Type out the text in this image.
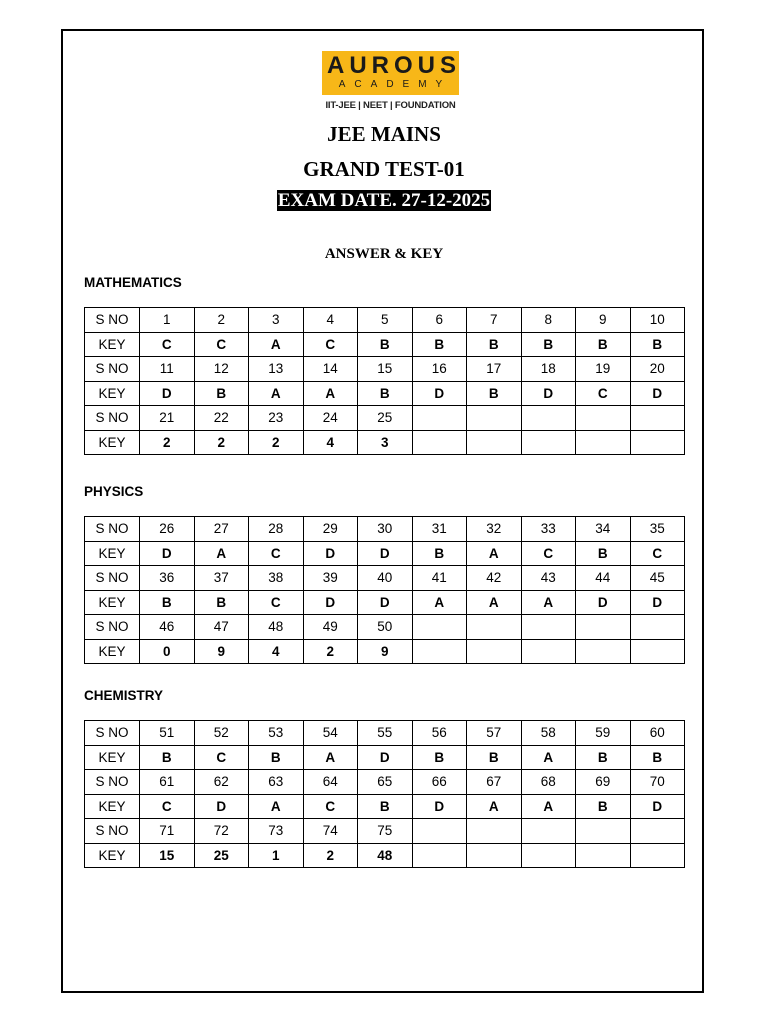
AUROUS
ACADEMY
IIT-JEE | NEET | FOUNDATION
JEE MAINS
GRAND TEST-01
EXAM DATE. 27-12-2025
ANSWER & KEY
MATHEMATICS
S NO	1	2	3	4	5	6	7	8	9	10
KEY	C	C	A	C	B	B	B	B	B	B
S NO	11	12	13	14	15	16	17	18	19	20
KEY	D	B	A	A	B	D	B	D	C	D
S NO	21	22	23	24	25					
KEY	2	2	2	4	3					
PHYSICS
S NO	26	27	28	29	30	31	32	33	34	35
KEY	D	A	C	D	D	B	A	C	B	C
S NO	36	37	38	39	40	41	42	43	44	45
KEY	B	B	C	D	D	A	A	A	D	D
S NO	46	47	48	49	50					
KEY	0	9	4	2	9					
CHEMISTRY
S NO	51	52	53	54	55	56	57	58	59	60
KEY	B	C	B	A	D	B	B	A	B	B
S NO	61	62	63	64	65	66	67	68	69	70
KEY	C	D	A	C	B	D	A	A	B	D
S NO	71	72	73	74	75					
KEY	15	25	1	2	48					
